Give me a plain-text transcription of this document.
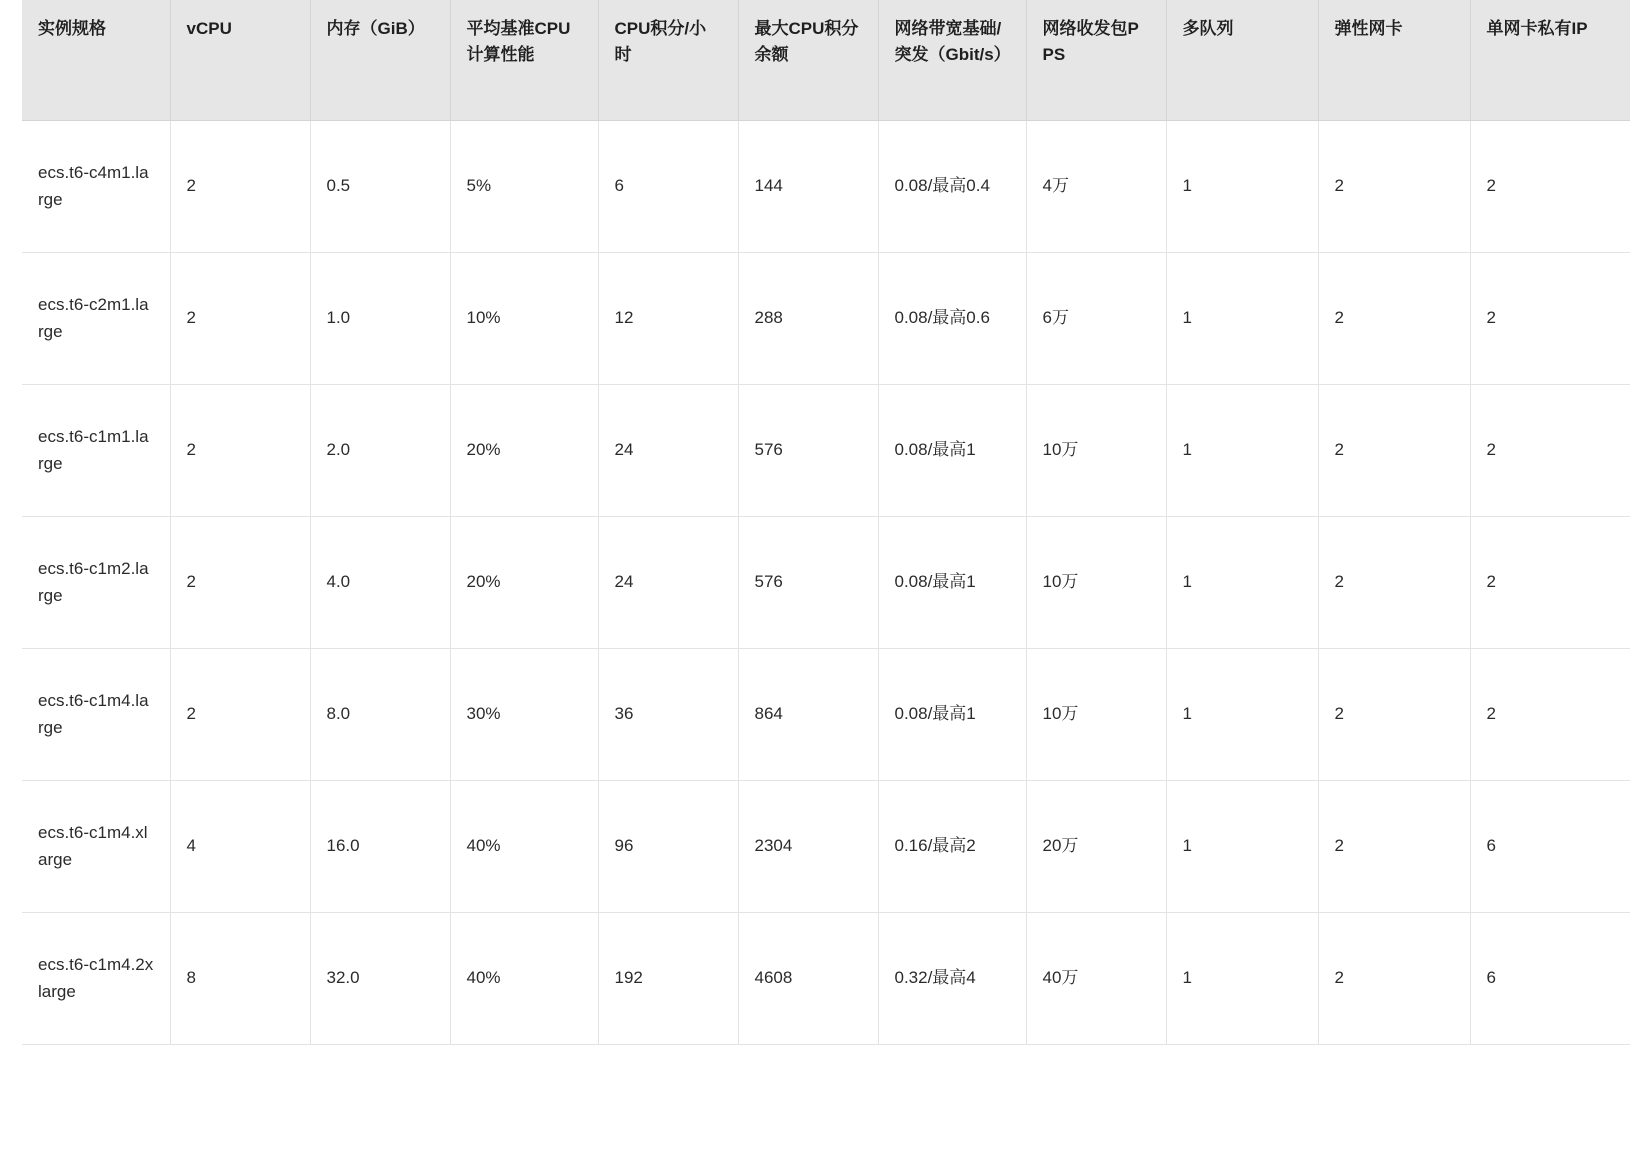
实例规格	vCPU	内存（GiB）	平均基准CPU计算性能	CPU积分/小时	最大CPU积分余额	网络带宽基础/突发（Gbit/s）	网络收发包PPS	多队列	弹性网卡	单网卡私有IP
ecs.t6-c4m1.large	2	0.5	5%	6	144	0.08/最高0.4	4万	1	2	2
ecs.t6-c2m1.large	2	1.0	10%	12	288	0.08/最高0.6	6万	1	2	2
ecs.t6-c1m1.large	2	2.0	20%	24	576	0.08/最高1	10万	1	2	2
ecs.t6-c1m2.large	2	4.0	20%	24	576	0.08/最高1	10万	1	2	2
ecs.t6-c1m4.large	2	8.0	30%	36	864	0.08/最高1	10万	1	2	2
ecs.t6-c1m4.xlarge	4	16.0	40%	96	2304	0.16/最高2	20万	1	2	6
ecs.t6-c1m4.2xlarge	8	32.0	40%	192	4608	0.32/最高4	40万	1	2	6
